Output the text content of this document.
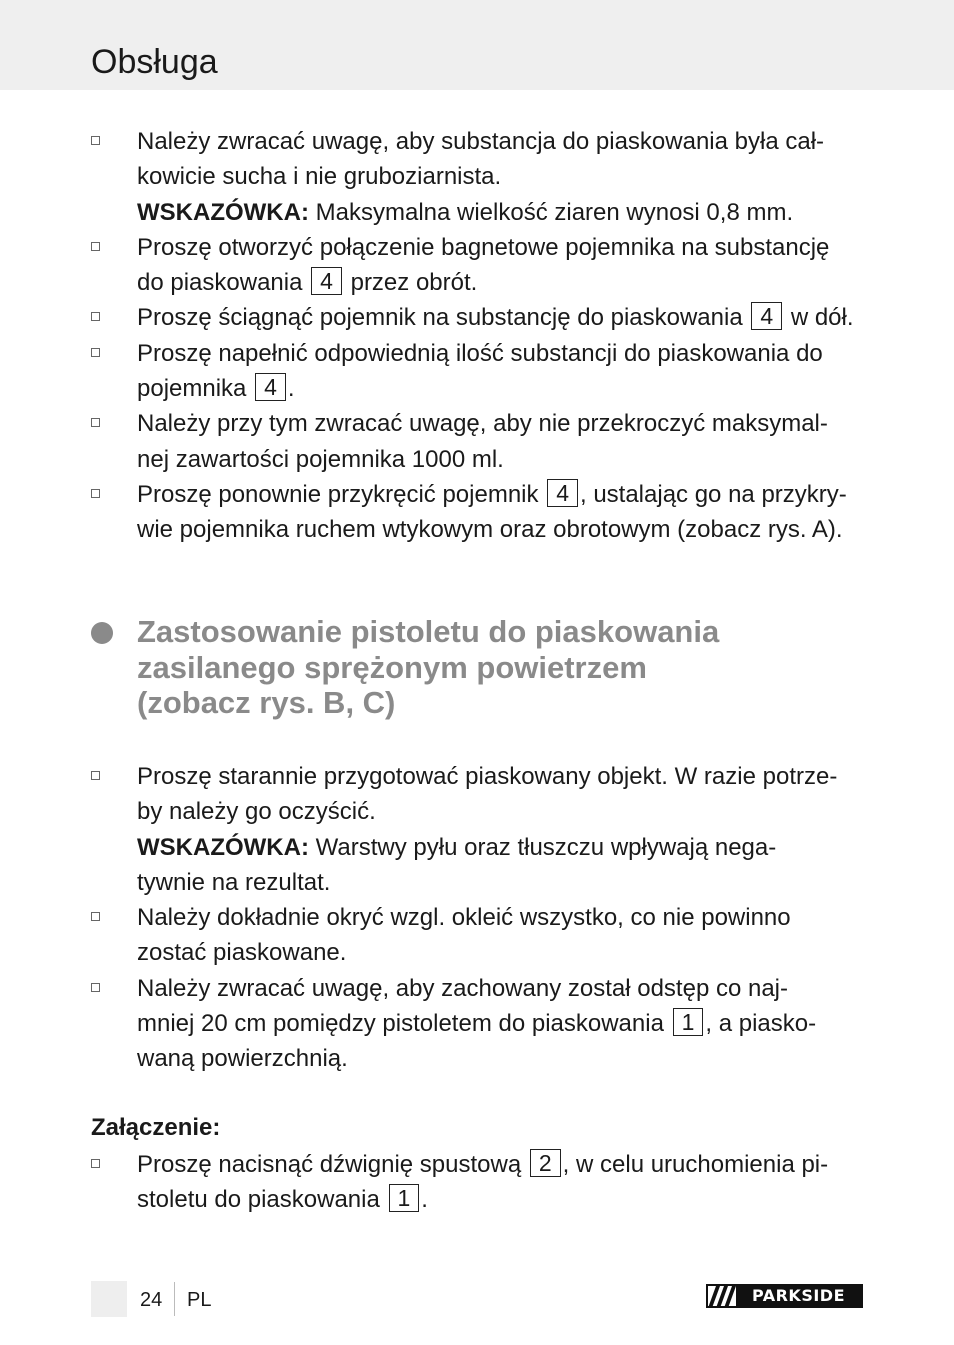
Obsługa
Należy zwracać uwagę, aby substancja do piaskowania była cał-
kowicie sucha i nie gruboziarnista.
WSKAZÓWKA: Maksymalna wielkość ziaren wynosi 0,8 mm.
Proszę otworzyć połączenie bagnetowe pojemnika na substancję
do piaskowania 4 przez obrót.
Proszę ściągnąć pojemnik na substancję do piaskowania 4 w dół.
Proszę napełnić odpowiednią ilość substancji do piaskowania do
pojemnika 4 .
Należy przy tym zwracać uwagę, aby nie przekroczyć maksymal-
nej zawartości pojemnika 1000 ml.
Proszę ponownie przykręcić pojemnik 4 , ustalając go na przykry-
wie pojemnika ruchem wtykowym oraz obrotowym (zobacz rys. A).
Zastosowanie pistoletu do piaskowania
zasilanego sprężonym powietrzem
(zobacz rys. B, C)
Proszę starannie przygotować piaskowany objekt. W razie potrze-
by należy go oczyścić.
WSKAZÓWKA: Warstwy pyłu oraz tłuszczu wpływają nega-
tywnie na rezultat.
Należy dokładnie okryć wzgl. okleić wszystko, co nie powinno
zostać piaskowane.
Należy zwracać uwagę, aby zachowany został odstęp co naj-
mniej 20 cm pomiędzy pistoletem do piaskowania 1 , a piasko-
waną powierzchnią.
Załączenie:
Proszę nacisnąć dźwignię spustową 2 , w celu uruchomienia pi-
stoletu do piaskowania 1 .
24 PL	PARKSIDE
